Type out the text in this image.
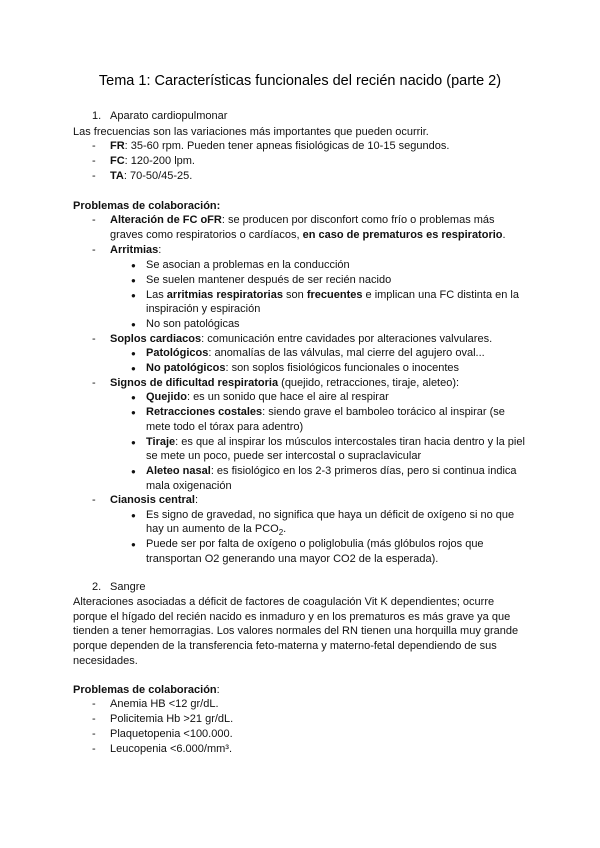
Tema 1: Características funcionales del recién nacido (parte 2)
1. Aparato cardiopulmonar
Las frecuencias son las variaciones más importantes que pueden ocurrir.
- FR: 35-60 rpm. Pueden tener apneas fisiológicas de 10-15 segundos.
- FC: 120-200 lpm.
- TA: 70-50/45-25.
Problemas de colaboración:
- Alteración de FC oFR: se producen por disconfort como frío o problemas más
graves como respiratorios o cardíacos, en caso de prematuros es respiratorio.
- Arritmias:
● Se asocian a problemas en la conducción
● Se suelen mantener después de ser recién nacido
● Las arritmias respiratorias son frecuentes e implican una FC distinta en la
inspiración y espiración
● No son patológicas
- Soplos cardiacos: comunicación entre cavidades por alteraciones valvulares.
● Patológicos: anomalías de las válvulas, mal cierre del agujero oval...
● No patológicos: son soplos fisiológicos funcionales o inocentes
- Signos de dificultad respiratoria (quejido, retracciones, tiraje, aleteo):
● Quejido: es un sonido que hace el aire al respirar
● Retracciones costales: siendo grave el bamboleo torácico al inspirar (se
mete todo el tórax para adentro)
● Tiraje: es que al inspirar los músculos intercostales tiran hacia dentro y la piel
se mete un poco, puede ser intercostal o supraclavicular
● Aleteo nasal: es fisiológico en los 2-3 primeros días, pero si continua indica
mala oxigenación
- Cianosis central:
● Es signo de gravedad, no significa que haya un déficit de oxígeno si no que
hay un aumento de la $PCO_2$.
● Puede ser por falta de oxígeno o poliglobulia (más glóbulos rojos que
transportan O2 generando una mayor CO2 de la esperada).
2. Sangre
Alteraciones asociadas a déficit de factores de coagulación Vit K dependientes; ocurre
porque el hígado del recién nacido es inmaduro y en los prematuros es más grave ya que
tienden a tener hemorragias. Los valores normales del RN tienen una horquilla muy grande
porque dependen de la transferencia feto-materna y materno-fetal dependiendo de sus
necesidades.
Problemas de colaboración:
- Anemia HB <12 gr/dL.
- Policitemia Hb >21 gr/dL.
- Plaquetopenia <100.000.
- Leucopenia <6.000/mm³.
